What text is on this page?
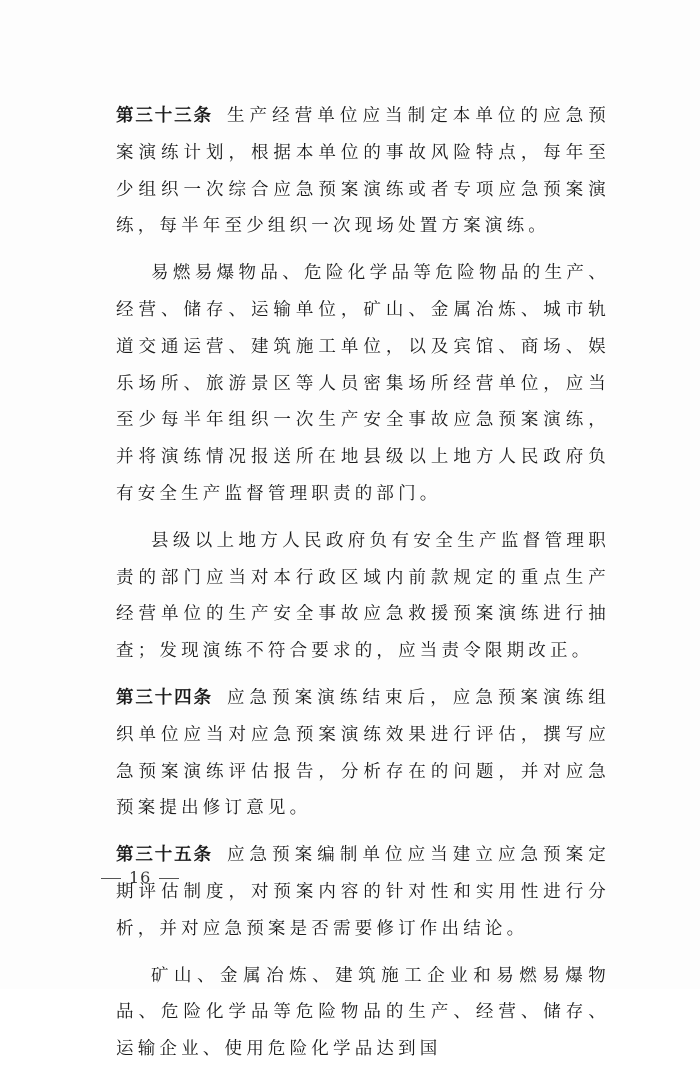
第三十三条 生产经营单位应当制定本单位的应急预案演练计划，根据本单位的事故风险特点，每年至少组织一次综合应急预案演练或者专项应急预案演练，每半年至少组织一次现场处置方案演练。

易燃易爆物品、危险化学品等危险物品的生产、经营、储存、运输单位，矿山、金属冶炼、城市轨道交通运营、建筑施工单位，以及宾馆、商场、娱乐场所、旅游景区等人员密集场所经营单位，应当至少每半年组织一次生产安全事故应急预案演练，并将演练情况报送所在地县级以上地方人民政府负有安全生产监督管理职责的部门。

县级以上地方人民政府负有安全生产监督管理职责的部门应当对本行政区域内前款规定的重点生产经营单位的生产安全事故应急救援预案演练进行抽查；发现演练不符合要求的，应当责令限期改正。

第三十四条 应急预案演练结束后，应急预案演练组织单位应当对应急预案演练效果进行评估，撰写应急预案演练评估报告，分析存在的问题，并对应急预案提出修订意见。

第三十五条 应急预案编制单位应当建立应急预案定期评估制度，对预案内容的针对性和实用性进行分析，并对应急预案是否需要修订作出结论。

矿山、金属冶炼、建筑施工企业和易燃易爆物品、危险化学品等危险物品的生产、经营、储存、运输企业、使用危险化学品达到国

16
